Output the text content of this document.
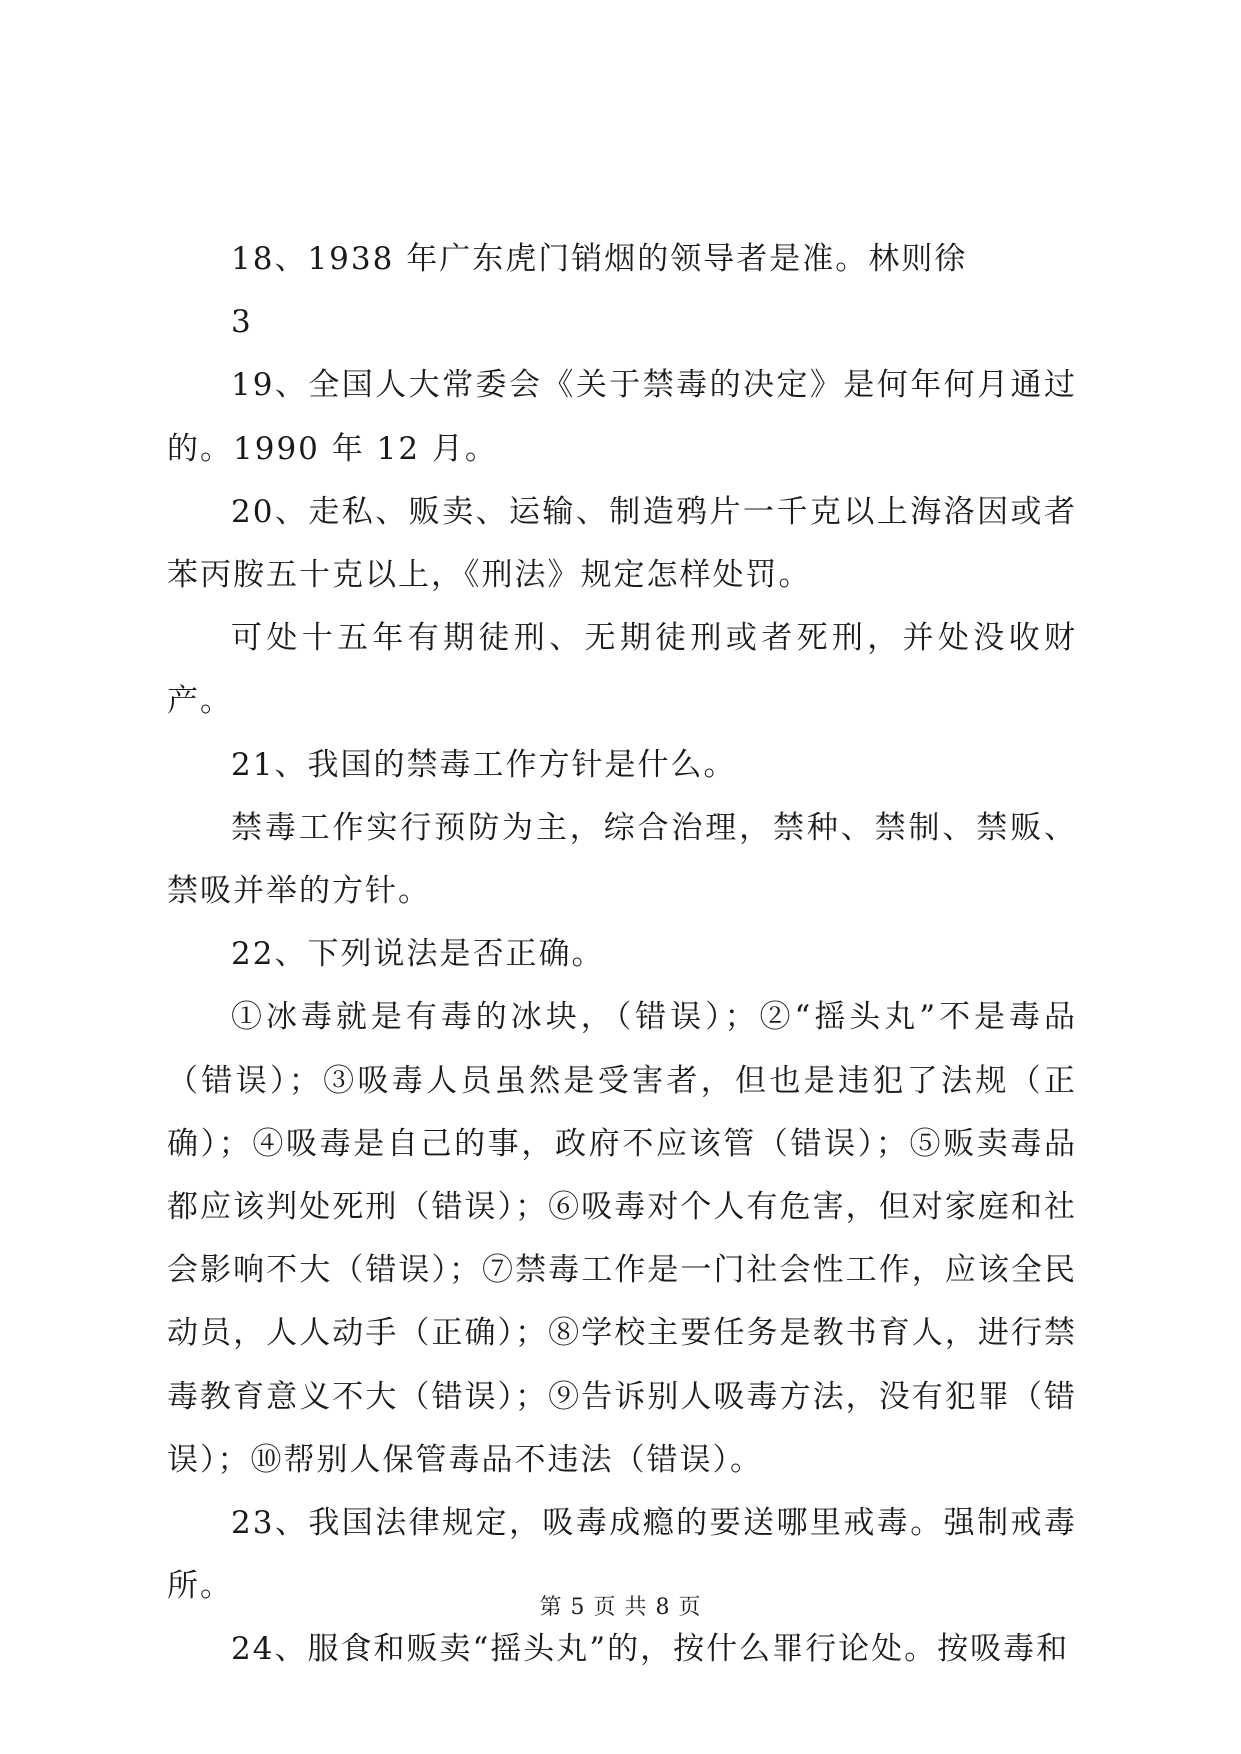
18、1938 年广东虎门销烟的领导者是准。林则徐

3

19、全国人大常委会《关于禁毒的决定》是何年何月通过的。1990 年 12 月。

20、走私、贩卖、运输、制造鸦片一千克以上海洛因或者苯丙胺五十克以上，《刑法》规定怎样处罚。

可处十五年有期徒刑、无期徒刑或者死刑，并处没收财产。

21、我国的禁毒工作方针是什么。

禁毒工作实行预防为主，综合治理，禁种、禁制、禁贩、禁吸并举的方针。

22、下列说法是否正确。

①冰毒就是有毒的冰块，（错误）；②“摇头丸”不是毒品（错误）；③吸毒人员虽然是受害者，但也是违犯了法规（正确）；④吸毒是自己的事，政府不应该管（错误）；⑤贩卖毒品都应该判处死刑（错误）；⑥吸毒对个人有危害，但对家庭和社会影响不大（错误）；⑦禁毒工作是一门社会性工作，应该全民动员，人人动手（正确）；⑧学校主要任务是教书育人，进行禁毒教育意义不大（错误）；⑨告诉别人吸毒方法，没有犯罪（错误）；⑩帮别人保管毒品不违法（错误）。

23、我国法律规定，吸毒成瘾的要送哪里戒毒。强制戒毒所。

24、服食和贩卖“摇头丸”的，按什么罪行论处。按吸毒和

第 5 页 共 8 页
